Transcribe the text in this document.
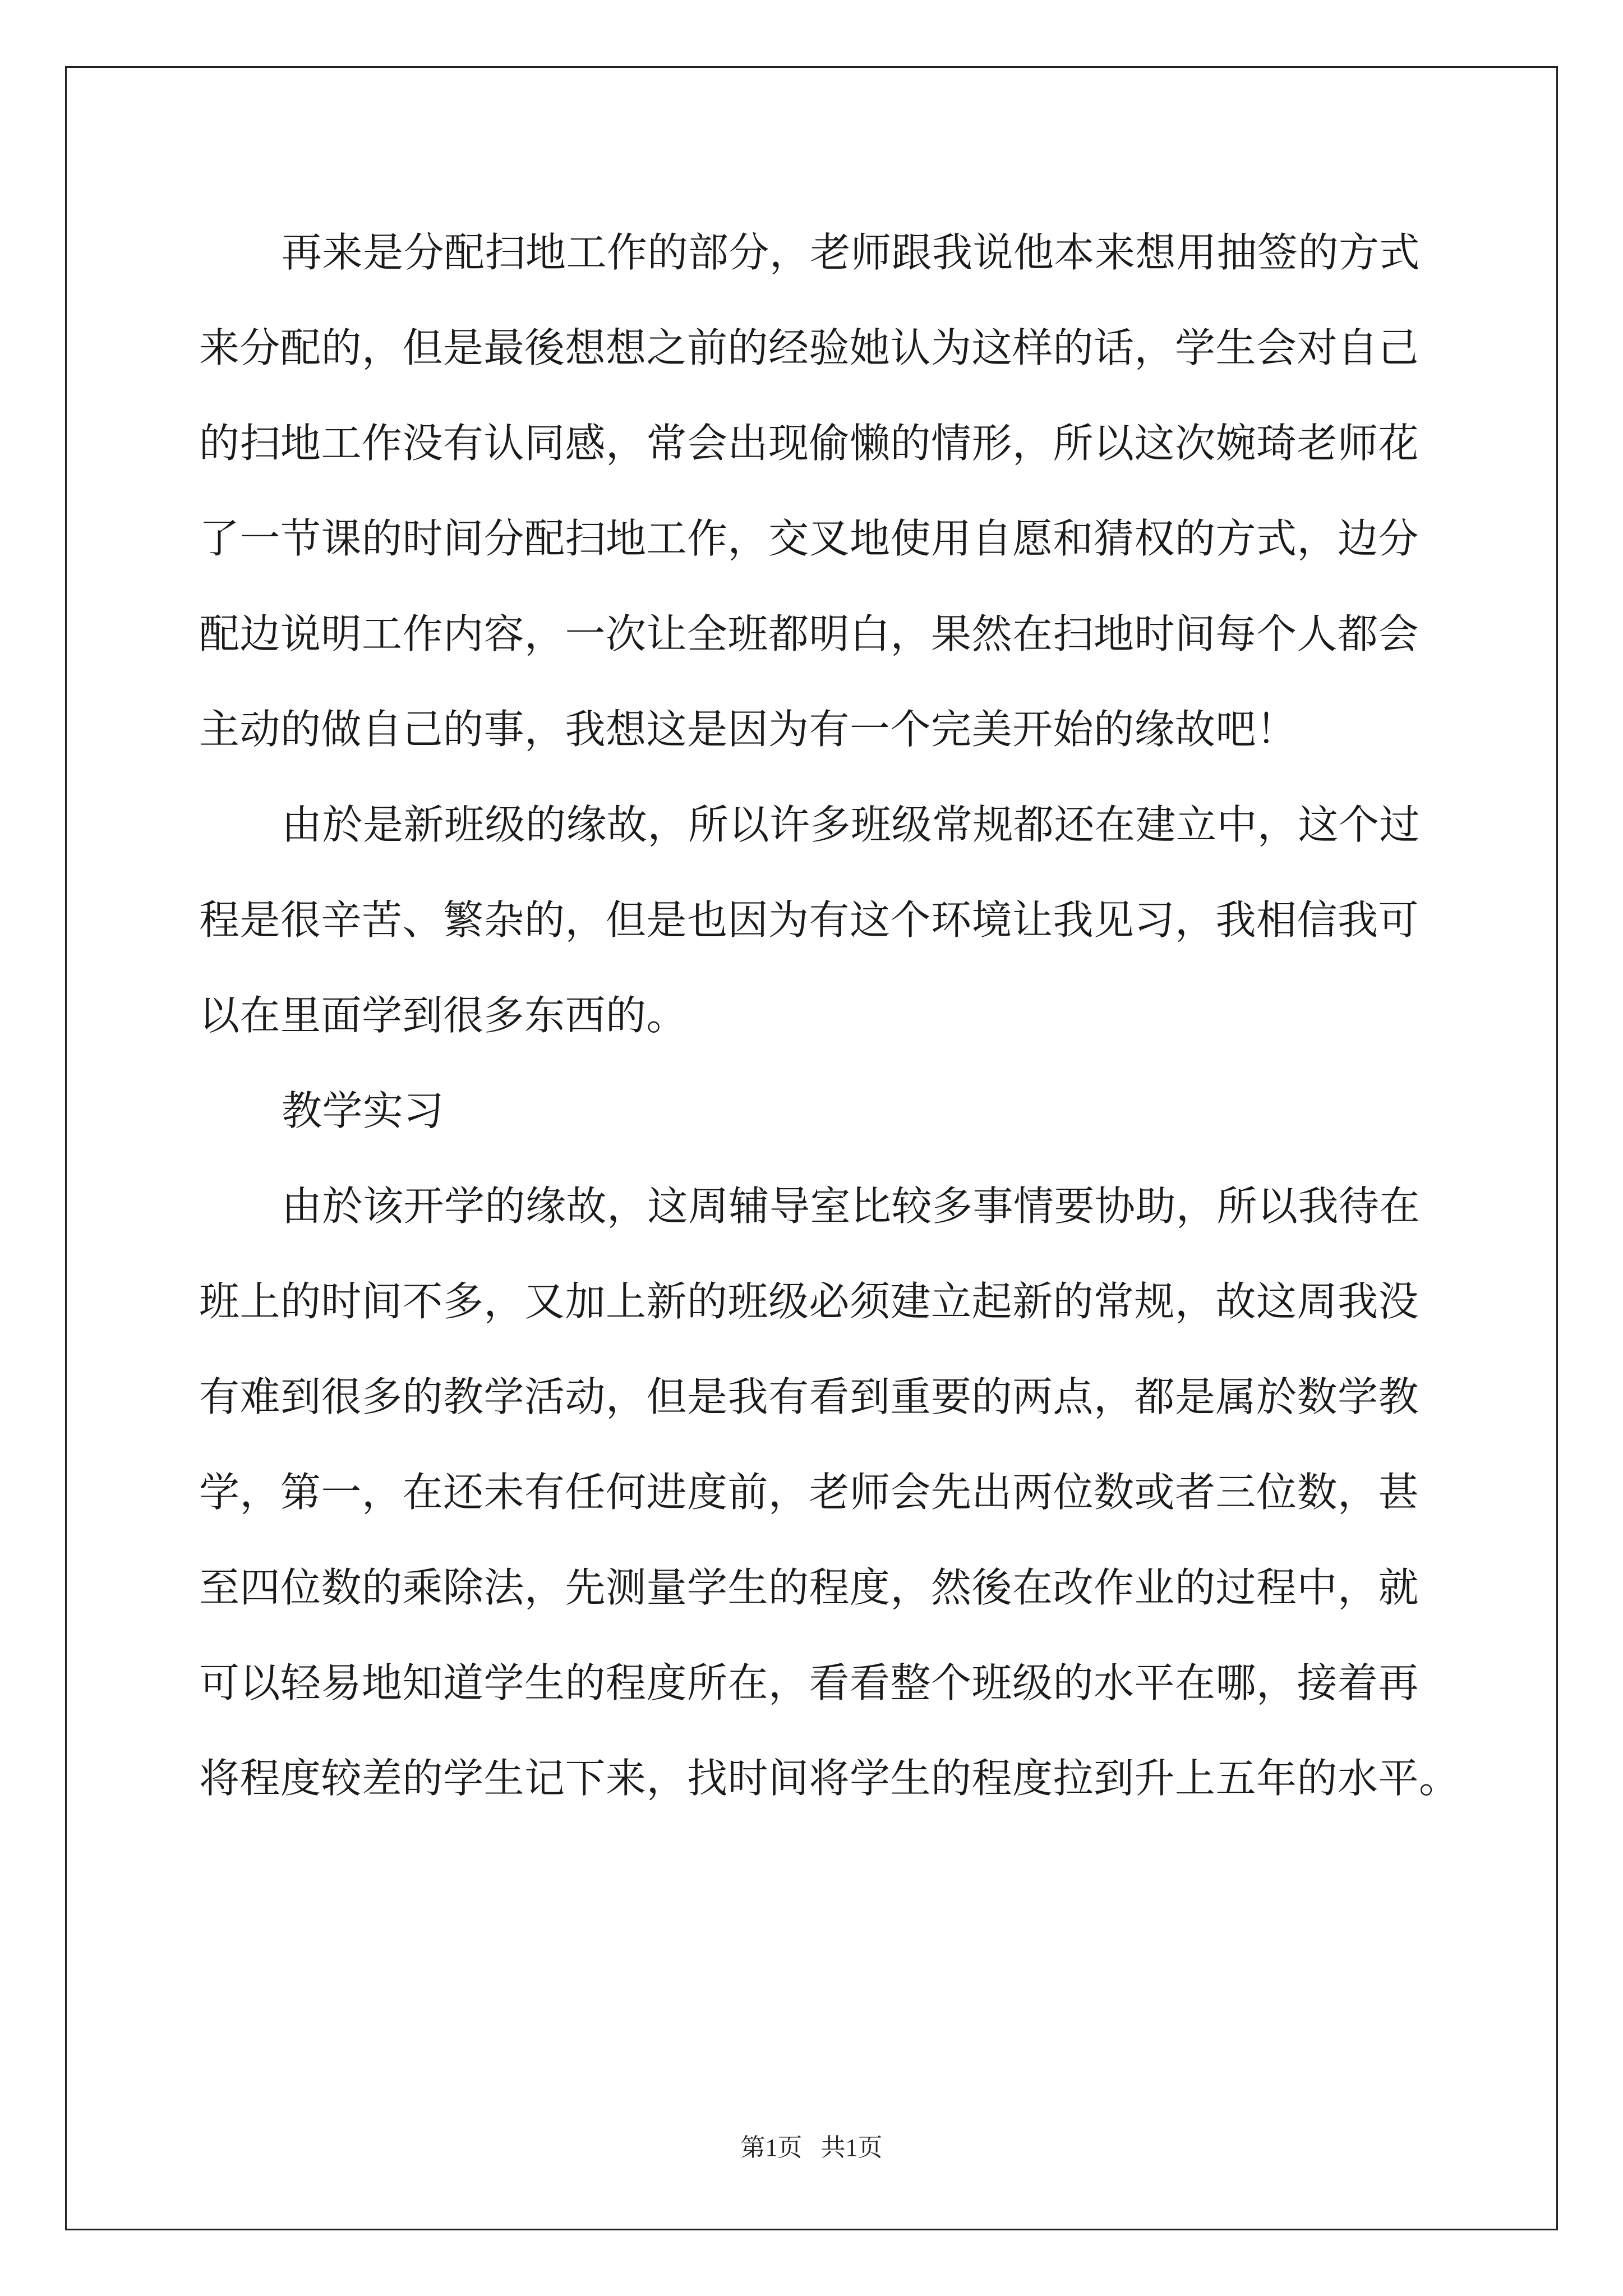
再来是分配扫地工作的部分，老师跟我说他本来想用抽签的方式
来分配的，但是最後想想之前的经验她认为这样的话，学生会对自己
的扫地工作没有认同感，常会出现偷懒的情形，所以这次婉琦老师花
了一节课的时间分配扫地工作，交叉地使用自愿和猜权的方式，边分
配边说明工作内容，一次让全班都明白，果然在扫地时间每个人都会
主动的做自己的事，我想这是因为有一个完美开始的缘故吧！
由於是新班级的缘故，所以许多班级常规都还在建立中，这个过
程是很辛苦、繁杂的，但是也因为有这个环境让我见习，我相信我可
以在里面学到很多东西的。
教学实习
由於该开学的缘故，这周辅导室比较多事情要协助，所以我待在
班上的时间不多，又加上新的班级必须建立起新的常规，故这周我没
有难到很多的教学活动，但是我有看到重要的两点，都是属於数学教
学，第一，在还未有任何进度前，老师会先出两位数或者三位数，甚
至四位数的乘除法，先测量学生的程度，然後在改作业的过程中，就
可以轻易地知道学生的程度所在，看看整个班级的水平在哪，接着再
将程度较差的学生记下来，找时间将学生的程度拉到升上五年的水平。
第1页   共1页
